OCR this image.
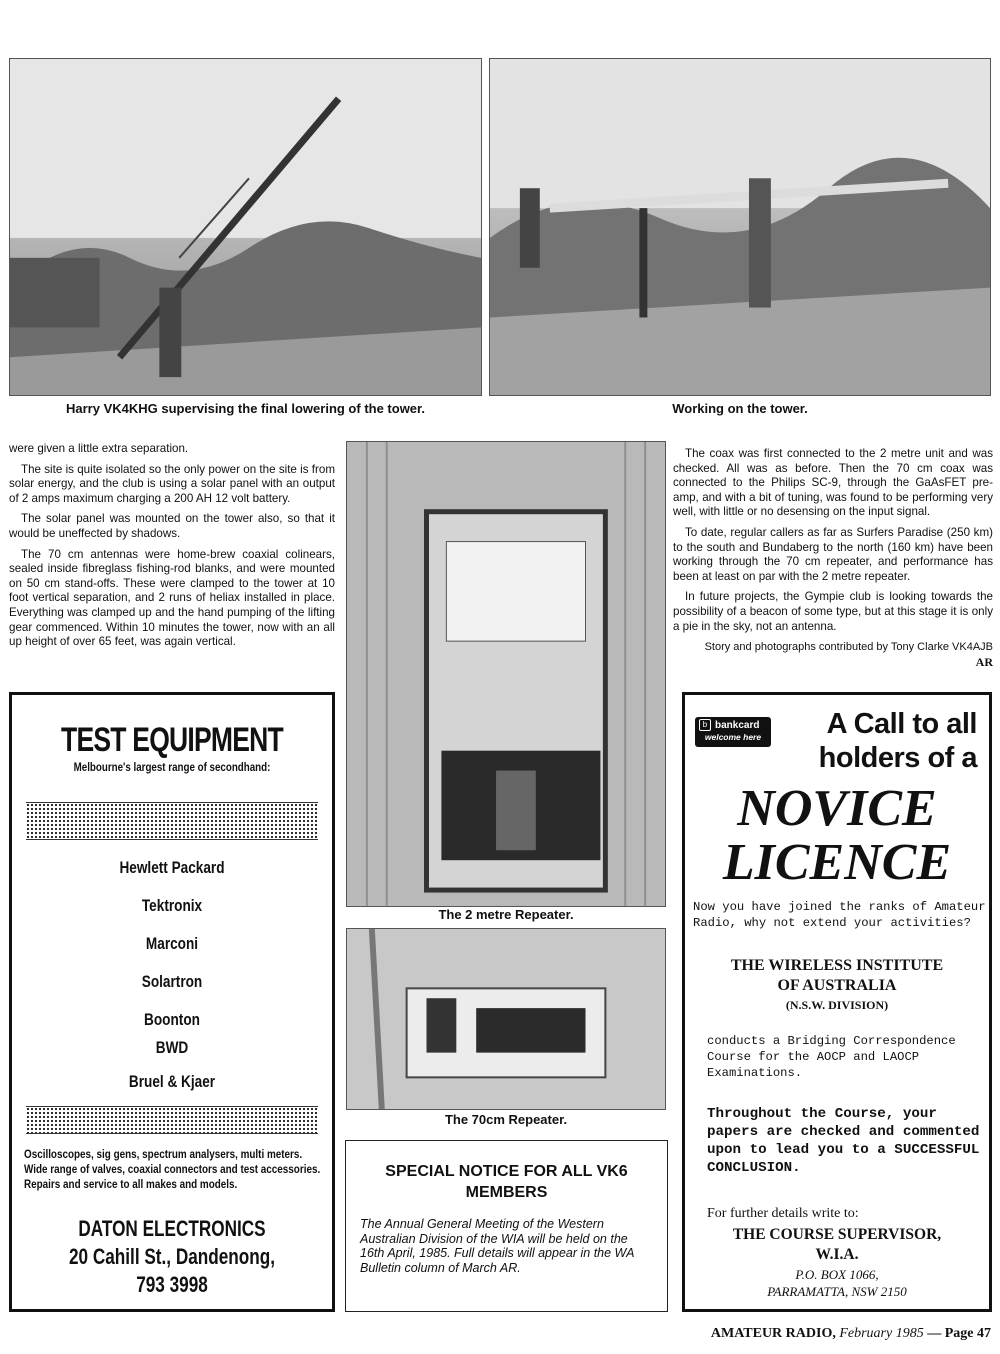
Harry VK4KHG supervising the final lowering of the tower.	Working on the tower.

were given a little extra separation.

The site is quite isolated so the only power on the site is from solar energy, and the club is using a solar panel with an output of 2 amps maximum charging a 200 AH 12 volt battery.

The solar panel was mounted on the tower also, so that it would be uneffected by shadows.

The 70 cm antennas were home-brew coaxial colinears, sealed inside fibreglass fishing-rod blanks, and were mounted on 50 cm stand-offs. These were clamped to the tower at 10 foot vertical separation, and 2 runs of heliax installed in place. Everything was clamped up and the hand pumping of the lifting gear commenced. Within 10 minutes the tower, now with an all up height of over 65 feet, was again vertical.

The 2 metre Repeater.
The 70cm Repeater.

The coax was first connected to the 2 metre unit and was checked. All was as before. Then the 70 cm coax was connected to the Philips SC-9, through the GaAsFET pre-amp, and with a bit of tuning, was found to be performing very well, with little or no desensing on the input signal.

To date, regular callers as far as Surfers Paradise (250 km) to the south and Bundaberg to the north (160 km) have been working through the 70 cm repeater, and performance has been at least on par with the 2 metre repeater.

In future projects, the Gympie club is looking towards the possibility of a beacon of some type, but at this stage it is only a pie in the sky, not an antenna.

Story and photographs contributed by Tony Clarke VK4AJB
AR
TEST EQUIPMENT
Melbourne's largest range of secondhand:
Hewlett Packard
Tektronix
Marconi
Solartron
Boonton
BWD
Bruel & Kjaer
Oscilloscopes, sig gens, spectrum analysers, multi meters. Wide range of valves, coaxial connectors and test accessories. Repairs and service to all makes and models.
DATON ELECTRONICS
20 Cahill St., Dandenong,
793 3998
SPECIAL NOTICE FOR ALL VK6 MEMBERS
The Annual General Meeting of the Western Australian Division of the WIA will be held on the 16th April, 1985. Full details will appear in the WA Bulletin column of March AR.
b bankcard
welcome here	A Call to all
holders of a
NOVICE
LICENCE
Now you have joined the ranks of Amateur Radio, why not extend your activities?
THE WIRELESS INSTITUTE
OF AUSTRALIA
(N.S.W. DIVISION)
conducts a Bridging Correspondence Course for the AOCP and LAOCP Examinations.
Throughout the Course, your papers are checked and commented upon to lead you to a SUCCESSFUL CONCLUSION.
For further details write to:
THE COURSE SUPERVISOR,
W.I.A.
P.O. BOX 1066,
PARRAMATTA, NSW 2150
AMATEUR RADIO, February 1985 — Page 47
